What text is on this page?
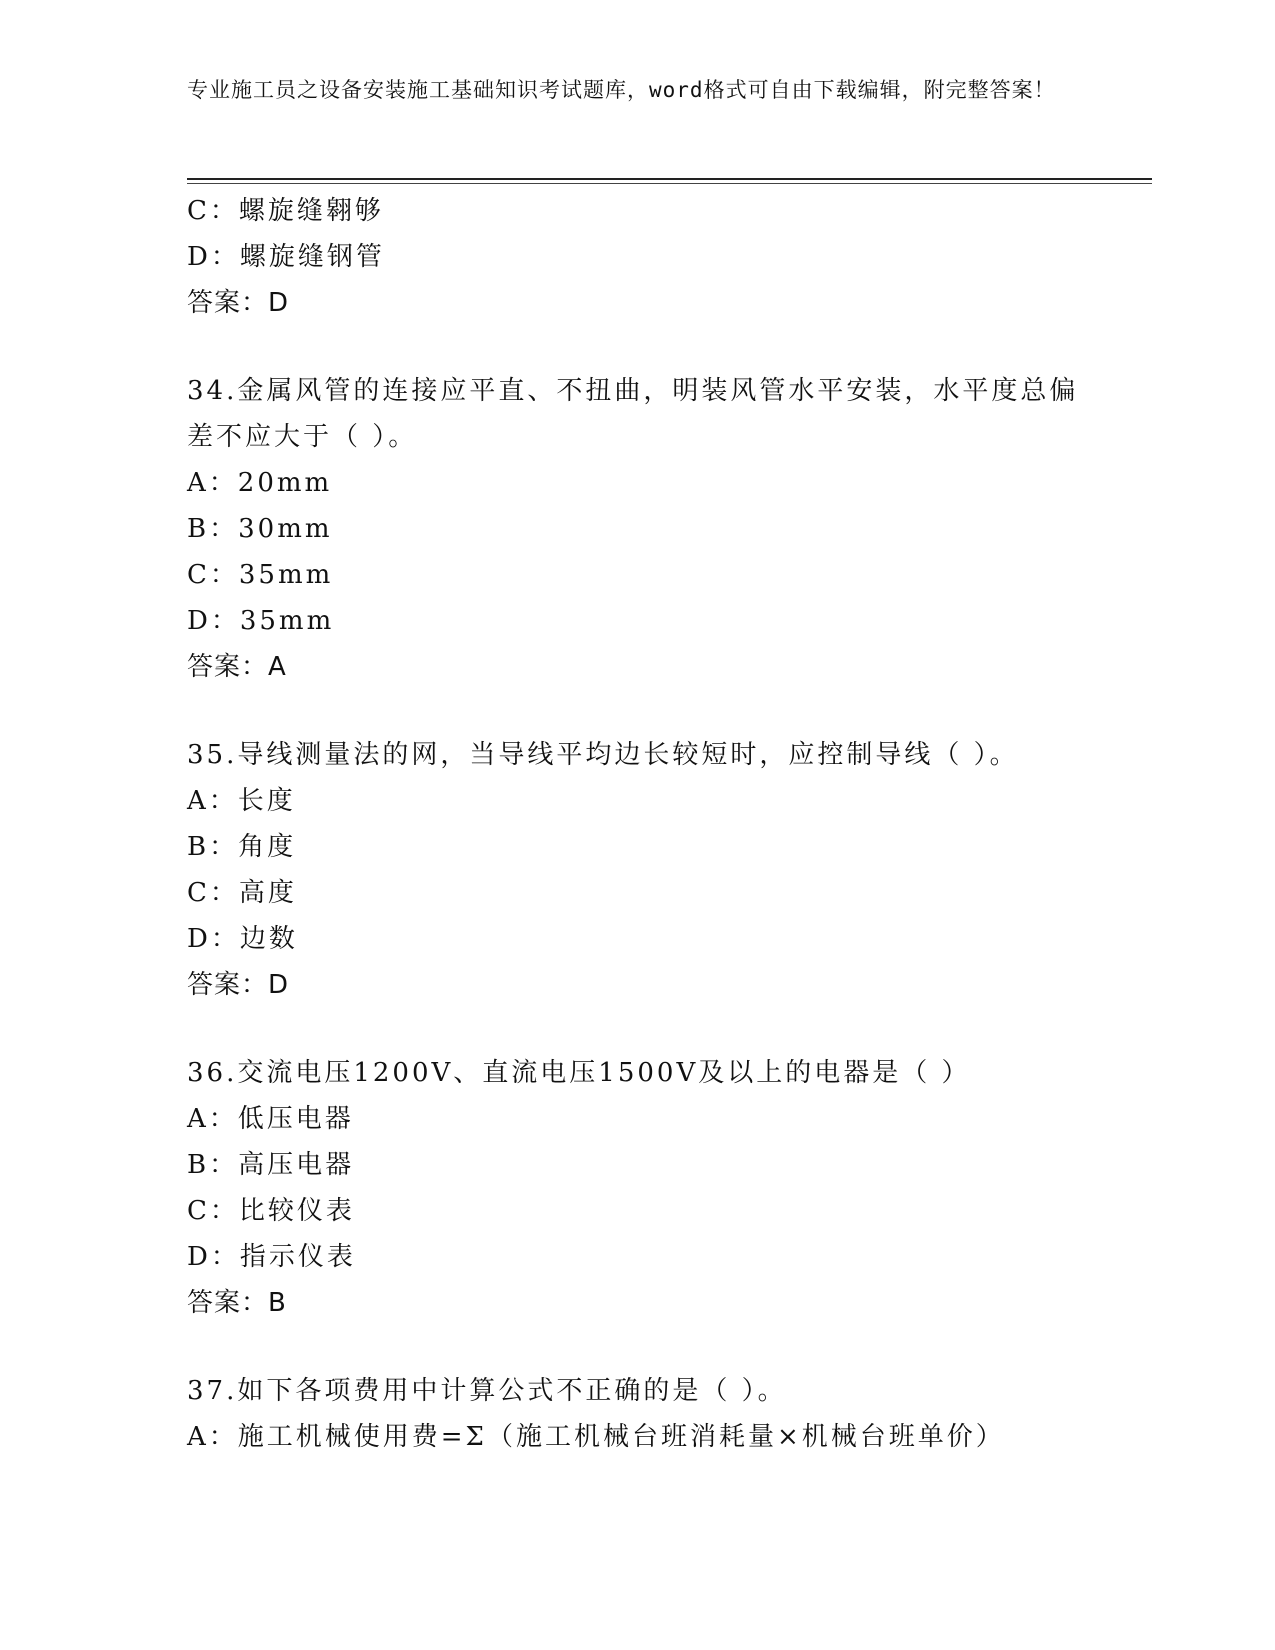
专业施工员之设备安装施工基础知识考试题库，word格式可自由下载编辑，附完整答案！
C：螺旋缝翱够
D：螺旋缝钢管
答案：D
34.金属风管的连接应平直、不扭曲，明装风管水平安装，水平度总偏
差不应大于（ ）。
A：20mm
B：30mm
C：35mm
D：35mm
答案：A
35.导线测量法的网，当导线平均边长较短时，应控制导线（ ）。
A：长度
B：角度
C：高度
D：边数
答案：D
36.交流电压1200V、直流电压1500V及以上的电器是（ ）
A：低压电器
B：高压电器
C：比较仪表
D：指示仪表
答案：B
37.如下各项费用中计算公式不正确的是（ ）。
A：施工机械使用费=Σ（施工机械台班消耗量×机械台班单价）
